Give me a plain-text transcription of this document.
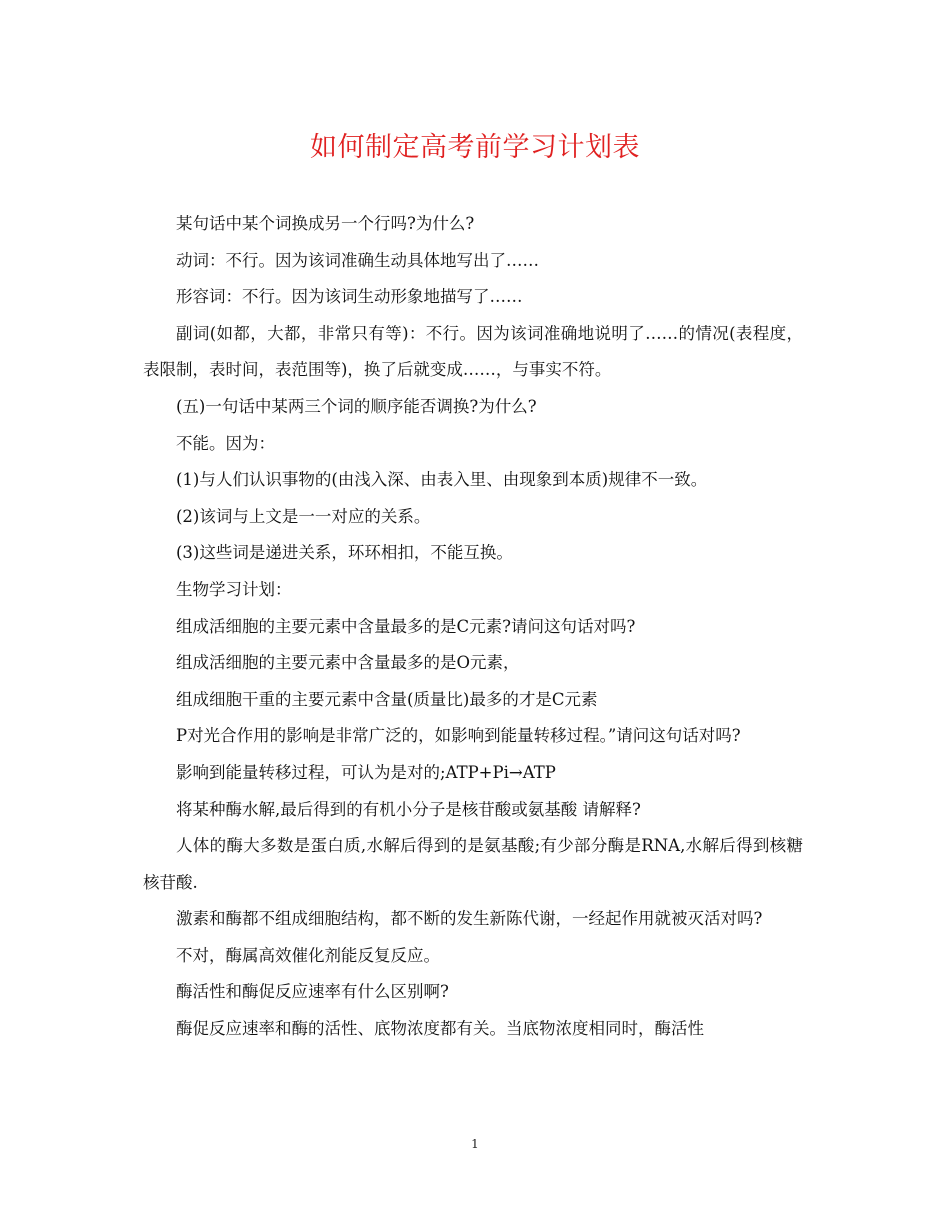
如何制定高考前学习计划表

某句话中某个词换成另一个行吗?为什么?

动词：不行。因为该词准确生动具体地写出了……

形容词：不行。因为该词生动形象地描写了……

副词(如都，大都，非常只有等)：不行。因为该词准确地说明了……的情况(表程度，表限制，表时间，表范围等)，换了后就变成……，与事实不符。

(五)一句话中某两三个词的顺序能否调换?为什么?

不能。因为：

(1)与人们认识事物的(由浅入深、由表入里、由现象到本质)规律不一致。

(2)该词与上文是一一对应的关系。

(3)这些词是递进关系，环环相扣，不能互换。

生物学习计划：

组成活细胞的主要元素中含量最多的是C元素?请问这句话对吗?

组成活细胞的主要元素中含量最多的是O元素，

组成细胞干重的主要元素中含量(质量比)最多的才是C元素

P对光合作用的影响是非常广泛的，如影响到能量转移过程。”请问这句话对吗?

影响到能量转移过程，可认为是对的;ATP+Pi→ATP

将某种酶水解,最后得到的有机小分子是核苷酸或氨基酸 请解释?

人体的酶大多数是蛋白质,水解后得到的是氨基酸;有少部分酶是RNA,水解后得到核糖核苷酸.

激素和酶都不组成细胞结构，都不断的发生新陈代谢，一经起作用就被灭活对吗?

不对，酶属高效催化剂能反复反应。

酶活性和酶促反应速率有什么区别啊?

酶促反应速率和酶的活性、底物浓度都有关。当底物浓度相同时，酶活性

1
